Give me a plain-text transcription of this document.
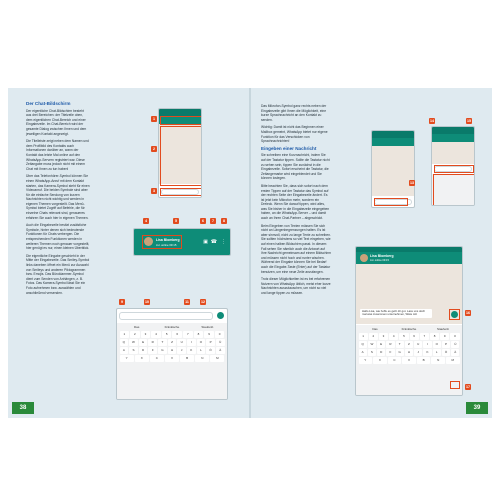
Der Chat-Bildschirm

Der eigentliche Chat-Bildschirm besteht aus drei Bereichen: der Titelzeile oben, dem eigentlichen Chat-Bereich und einer Eingabezeile. Im Chat-Bereich wird der gesamte Dialog zwischen Ihnen und dem jeweiligen Kontakt angezeigt.

Die Titelleiste zeigt neben dem Namen und dem Profilbild des Kontakts auch Informationen darüber an, wann der Kontakt das letzte Mal online auf den WhatsApp-Servern registriert war. Diese Zeitangabe muss jedoch nicht mit einem Chat mit Ihnen zu tun haben!

Über das Telefonhörer-Symbol können Sie einen WhatsApp-Anruf mit dem Kontakt starten, das Kamera-Symbol steht für einen Videoanruf. Die beiden Symbole sind aber für die einfache Sendung von kurzen Nachrichten nicht wichtig und werden in eigenen Themen vorgestellt. Das Menü-Symbol bietet Zugriff auf Befehle, die für einzelne Chats relevant sind, genaueres erfahren Sie auch hier in eigenen Themen.

Auch die Eingabezeile besitzt zusätzliche Symbole, hinter denen sich bedeutende Funktionen für Chats verbergen. Die entsprechenden Funktionen werden in weiteren Themen noch genauer vorgestellt, hier genügt es nur, einen kleinen Überblick.

Die eigentliche Eingabe geschieht in der Mitte der Eingabezeile. Das Smiley-Symbol links daneben öffnet ein Menü zur Auswahl von Smileys und anderen Piktogrammen bzw. Emojis. Das Büroklammer-Symbol dient zum Senden von Anhängen, z. B. Fotos. Das Kamera-Symbol lässt Sie ein Foto aufnehmen bzw. auswählen und anschließend versenden.

1
2
3
Lisa Blomberg
zul. online 09:15	▣ ☎ ⋮
4	5	6	7	8
Das	Fränkische	Staufenb
1	2	3	4	5	6	7	8	9	0
Q	W	E	R	T	Z	U	I	O	P	Ü
A	S	D	F	G	H	J	K	L	Ö	Ä
Y	X	C	V	B	N	M
9	10	11	12
38

Das Mikrofon-Symbol ganz rechts neben der Eingabezeile gibt Ihnen die Möglichkeit, eine kurze Sprachnachricht an den Kontakt zu senden.

Wichtig: Damit ist nicht das Beginnen einer Mailbox gemeint, WhatsApp bietet nur eigene Funktion für das Verschicken von Sprachnachrichten!

Eingeben einer Nachricht

Sie schreiben eine Kurznachricht, indem Sie auf der Tastatur tippen. Sollte die Tastatur nicht zu sehen sein, tippen Sie zunächst in die Eingabezeile. Sofort erscheint die Tastatur, die Zeitangemarke wird eingeblendet und Sie können loslegen.

Bitte beachten Sie, dass sich sofort nach dem ersten Tippen auf der Tastatur das Symbol auf der rechten Seite der Eingabezeile ändert. Es ist jetzt kein Mikrofon mehr, sondern ein Dreieck. Wenn Sie darauf tippen, wird alles, was Sie bisher in die Eingabezeile eingegeben haben, an die WhatsApp-Server – und damit auch an Ihren Chat-Partner – abgeschickt.

Beim Eingeben von Texten müssen Sie sich nicht an Längenbegrenzungen halten. Es ist aber sinnvoll, nicht zu lange Texte zu schreiben. Sie sollten höchstens so viel Text eingeben, wie auf einen halben Bildschirm passt. In diesem Fall sehen Sie nämlich auch die Antwort auf Ihre Nachricht gemeinsam auf einem Bildschirm und müssen nicht hoch und runter wischen. Während der Eingabe können Sie bei Bedarf auch die Eingabe-Taste (Enter) auf der Tastatur benutzen, um eine neue Zeile anzufangen.

Trotz dieser Möglichkeiten ist es bei erfahrenen Nutzern von WhatsApp üblich, meist eher kurze Nachrichten auszutauschen, um nicht so viel und lange tippen zu müssen.

13
14	15
Lisa Blomberg
zul. online 09:15
Hallo Lisa, wie hoffe es geht dir gut. Lass uns doch mal was zusammen unternehmen, Wäre toll.
Das	Fränkische	Staufenb
1	2	3	4	5	6	7	8	9	0
Q	W	E	R	T	Z	U	I	O	P	Ü
A	S	D	F	G	H	J	K	L	Ö	Ä
Y	X	C	V	B	N	M
16
17
39
